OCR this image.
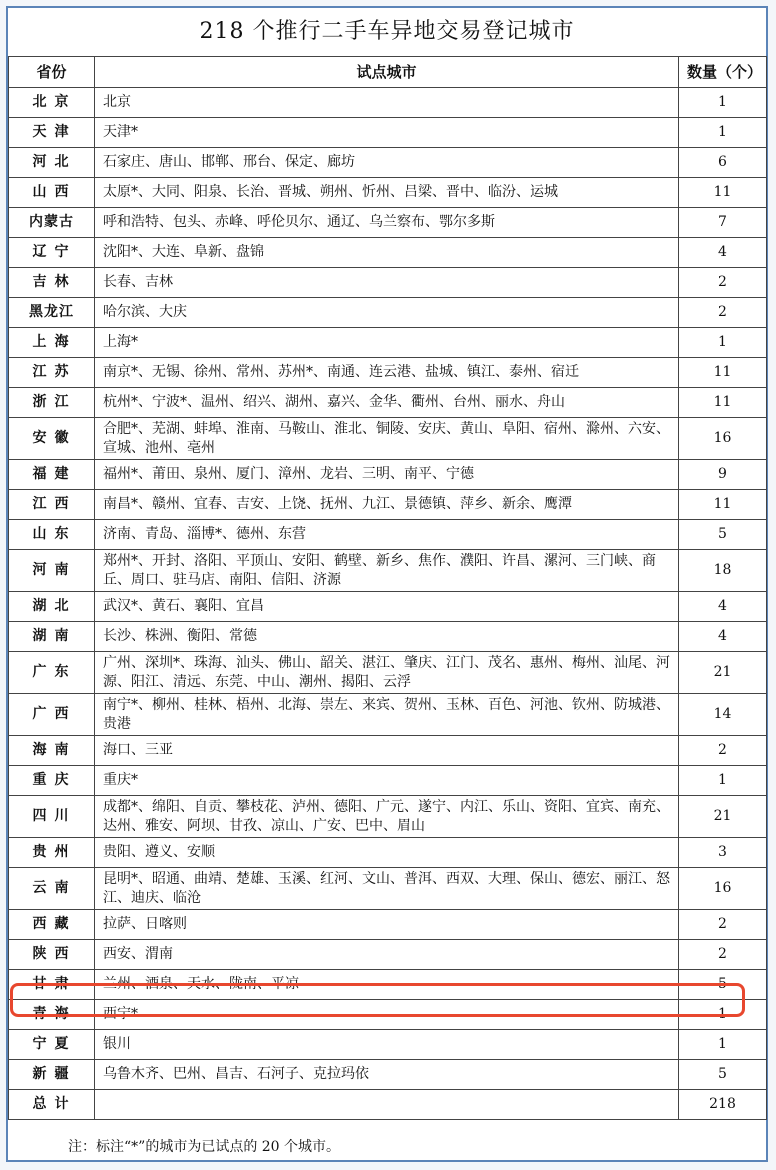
218 个推行二手车异地交易登记城市
省份	试点城市	数量（个）
北京	北京	1
天津	天津*	1
河北	石家庄、唐山、邯郸、邢台、保定、廊坊	6
山西	太原*、大同、阳泉、长治、晋城、朔州、忻州、吕梁、晋中、临汾、运城	11
内蒙古	呼和浩特、包头、赤峰、呼伦贝尔、通辽、乌兰察布、鄂尔多斯	7
辽宁	沈阳*、大连、阜新、盘锦	4
吉林	长春、吉林	2
黑龙江	哈尔滨、大庆	2
上海	上海*	1
江苏	南京*、无锡、徐州、常州、苏州*、南通、连云港、盐城、镇江、泰州、宿迁	11
浙江	杭州*、宁波*、温州、绍兴、湖州、嘉兴、金华、衢州、台州、丽水、舟山	11
安徽	合肥*、芜湖、蚌埠、淮南、马鞍山、淮北、铜陵、安庆、黄山、阜阳、宿州、滁州、六安、宣城、池州、亳州	16
福建	福州*、莆田、泉州、厦门、漳州、龙岩、三明、南平、宁德	9
江西	南昌*、赣州、宜春、吉安、上饶、抚州、九江、景德镇、萍乡、新余、鹰潭	11
山东	济南、青岛、淄博*、德州、东营	5
河南	郑州*、开封、洛阳、平顶山、安阳、鹤壁、新乡、焦作、濮阳、许昌、漯河、三门峡、商丘、周口、驻马店、南阳、信阳、济源	18
湖北	武汉*、黄石、襄阳、宜昌	4
湖南	长沙、株洲、衡阳、常德	4
广东	广州、深圳*、珠海、汕头、佛山、韶关、湛江、肇庆、江门、茂名、惠州、梅州、汕尾、河源、阳江、清远、东莞、中山、潮州、揭阳、云浮	21
广西	南宁*、柳州、桂林、梧州、北海、崇左、来宾、贺州、玉林、百色、河池、钦州、防城港、贵港	14
海南	海口、三亚	2
重庆	重庆*	1
四川	成都*、绵阳、自贡、攀枝花、泸州、德阳、广元、遂宁、内江、乐山、资阳、宜宾、南充、达州、雅安、阿坝、甘孜、凉山、广安、巴中、眉山	21
贵州	贵阳、遵义、安顺	3
云南	昆明*、昭通、曲靖、楚雄、玉溪、红河、文山、普洱、西双、大理、保山、德宏、丽江、怒江、迪庆、临沧	16
西藏	拉萨、日喀则	2
陕西	西安、渭南	2
甘肃	兰州、酒泉、天水、陇南、平凉	5
青海	西宁*	1
宁夏	银川	1
新疆	乌鲁木齐、巴州、昌吉、石河子、克拉玛依	5
总计		218
注：标注“*”的城市为已试点的 20 个城市。
